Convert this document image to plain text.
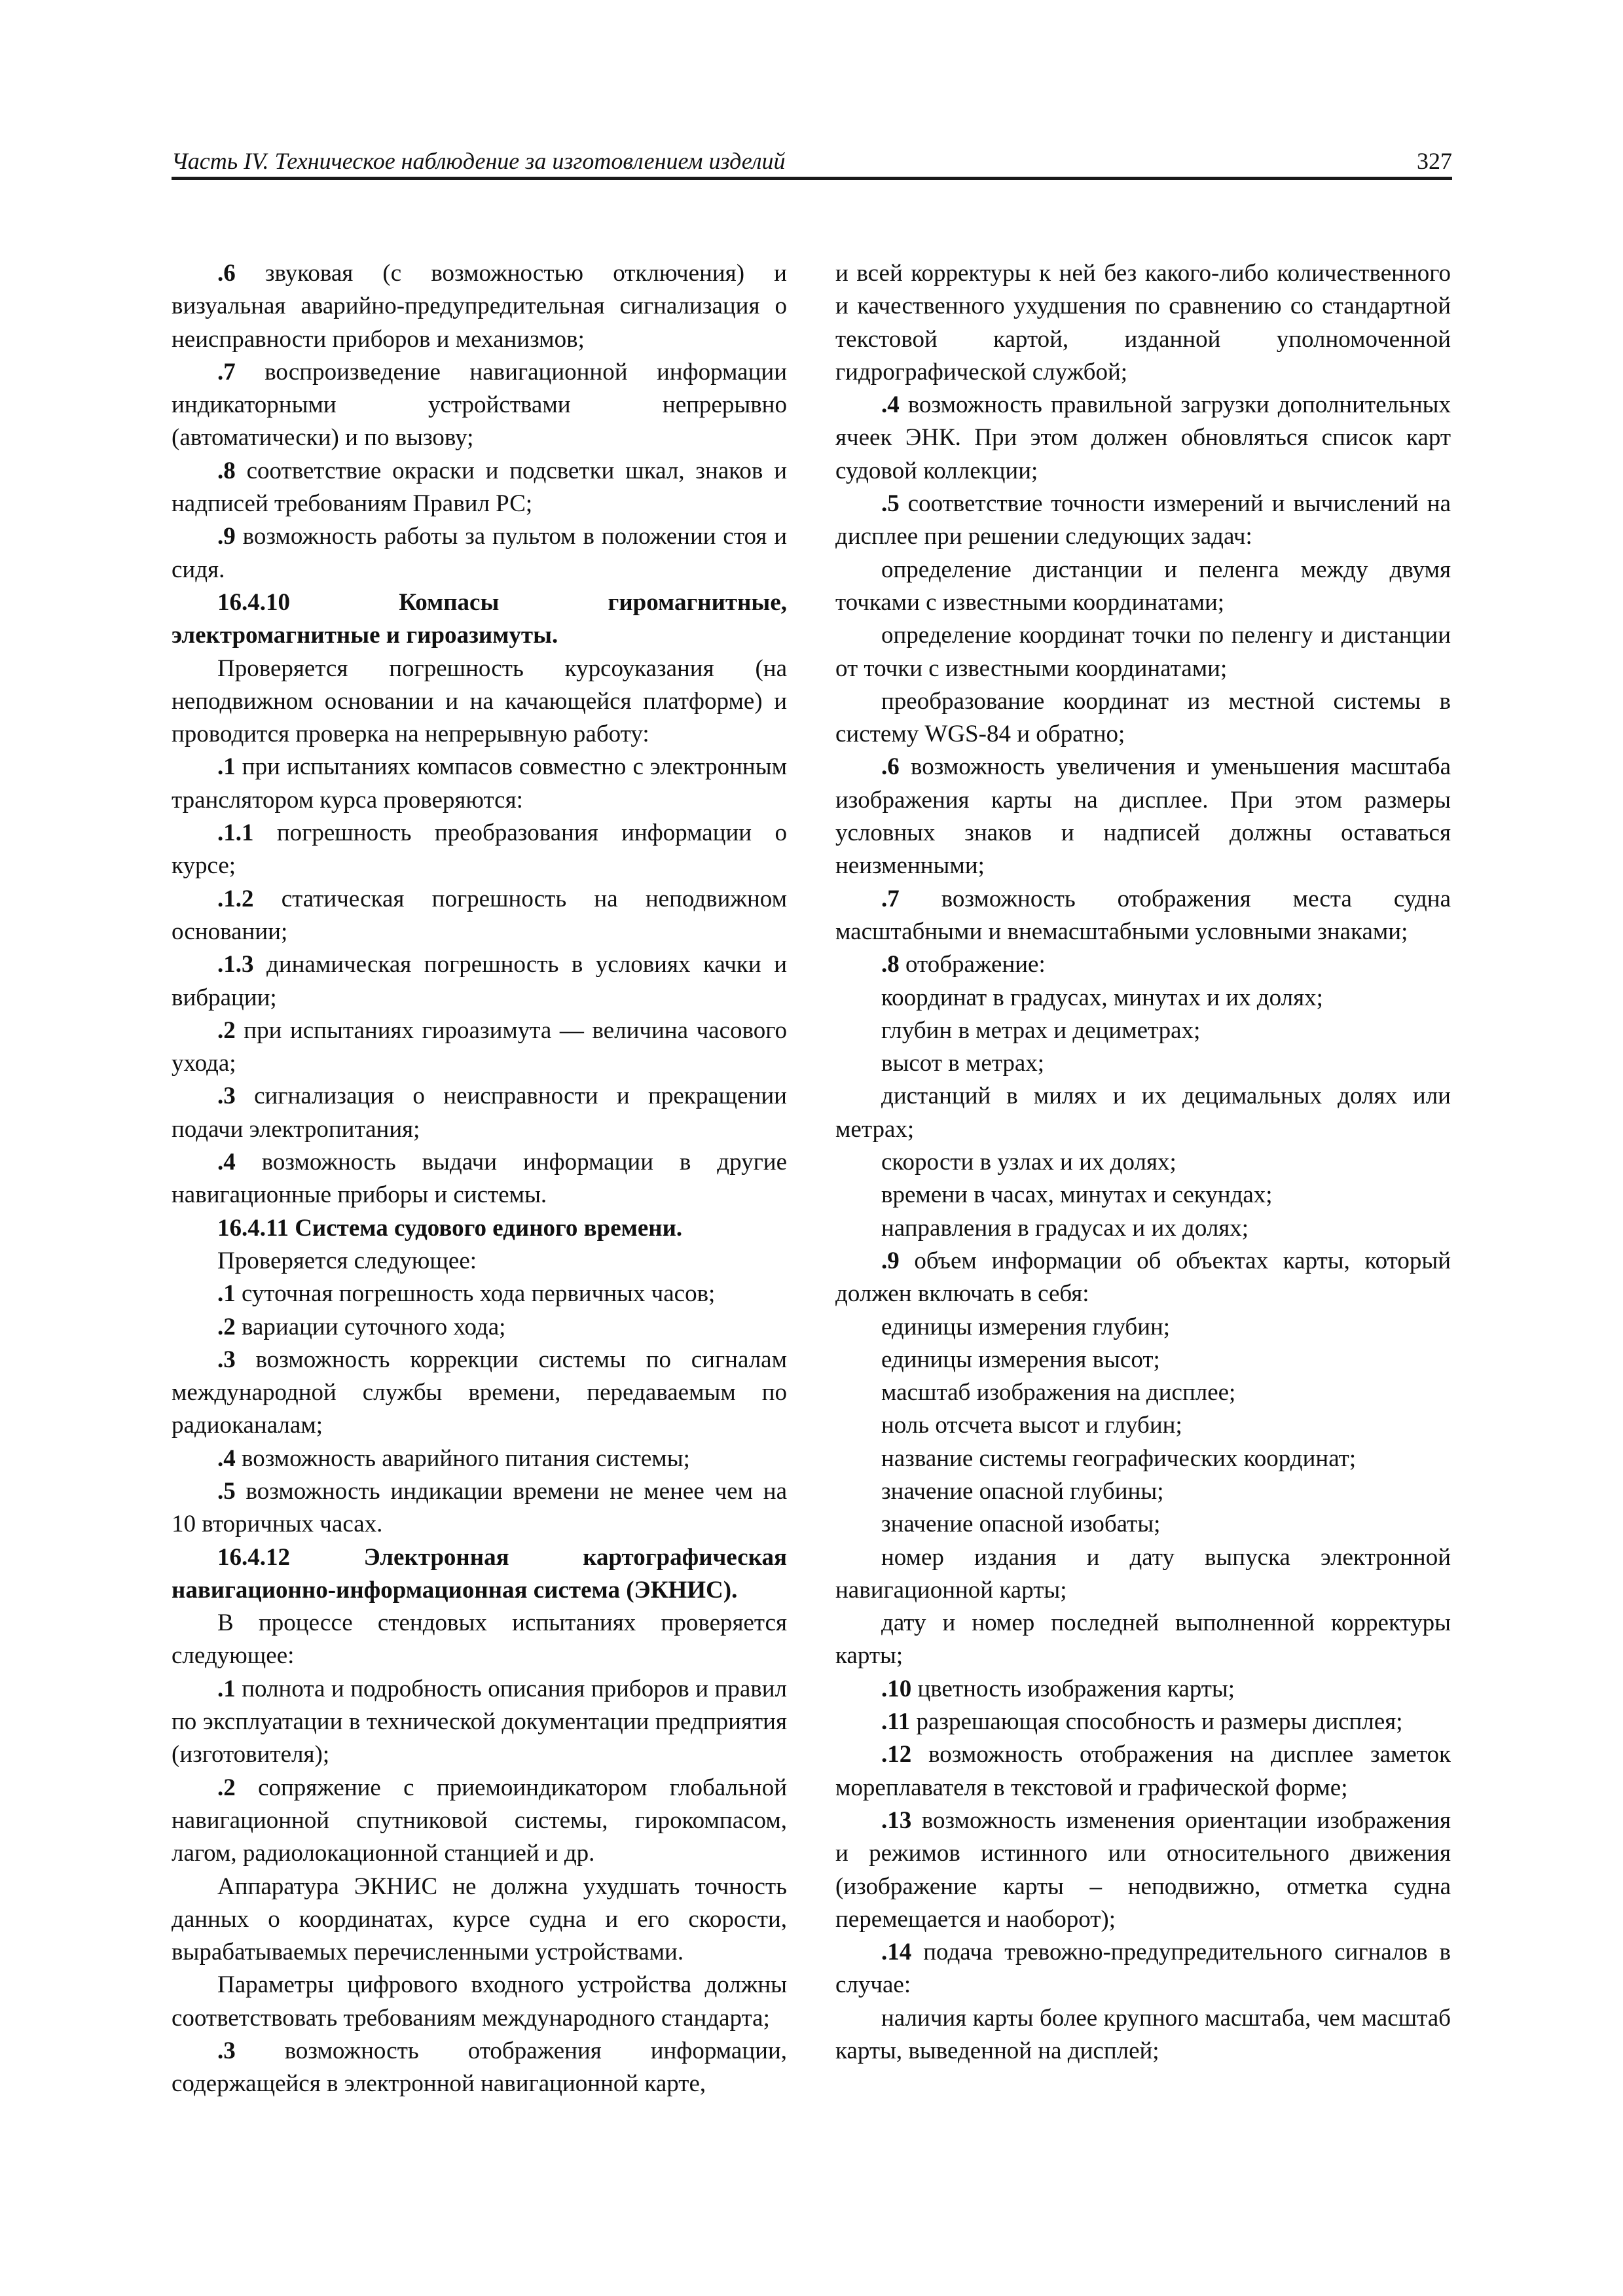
Часть IV. Техническое наблюдение за изготовлением изделий	327

.6 звуковая (с возможностью отключения) и визуальная аварийно-предупредительная сигнализация о неисправности приборов и механизмов;

.7 воспроизведение навигационной информации индикаторными устройствами непрерывно (автоматически) и по вызову;

.8 соответствие окраски и подсветки шкал, знаков и надписей требованиям Правил РС;

.9 возможность работы за пультом в положении стоя и сидя.

16.4.10 Компасы гиромагнитные, электромагнитные и гироазимуты.

Проверяется погрешность курсоуказания (на неподвижном основании и на качающейся платформе) и проводится проверка на непрерывную работу:

.1 при испытаниях компасов совместно с электронным транслятором курса проверяются:

.1.1 погрешность преобразования информации о курсе;

.1.2 статическая погрешность на неподвижном основании;

.1.3 динамическая погрешность в условиях качки и вибрации;

.2 при испытаниях гироазимута — величина часового ухода;

.3 сигнализация о неисправности и прекращении подачи электропитания;

.4 возможность выдачи информации в другие навигационные приборы и системы.

16.4.11 Система судового единого времени.

Проверяется следующее:

.1 суточная погрешность хода первичных часов;

.2 вариации суточного хода;

.3 возможность коррекции системы по сигналам международной службы времени, передаваемым по радиоканалам;

.4 возможность аварийного питания системы;

.5 возможность индикации времени не менее чем на 10 вторичных часах.

16.4.12 Электронная картографическая навигационно-информационная система (ЭКНИС).

В процессе стендовых испытаниях проверяется следующее:

.1 полнота и подробность описания приборов и правил по эксплуатации в технической документации предприятия (изготовителя);

.2 сопряжение с приемоиндикатором глобальной навигационной спутниковой системы, гирокомпасом, лагом, радиолокационной станцией и др.

Аппаратура ЭКНИС не должна ухудшать точность данных о координатах, курсе судна и его скорости, вырабатываемых перечисленными устройствами.

Параметры цифрового входного устройства должны соответствовать требованиям международного стандарта;

.3 возможность отображения информации, содержащейся в электронной навигационной карте,

и всей корректуры к ней без какого-либо количественного и качественного ухудшения по сравнению со стандартной текстовой картой, изданной уполномоченной гидрографической службой;

.4 возможность правильной загрузки дополнительных ячеек ЭНК. При этом должен обновляться список карт судовой коллекции;

.5 соответствие точности измерений и вычислений на дисплее при решении следующих задач:

определение дистанции и пеленга между двумя точками с известными координатами;

определение координат точки по пеленгу и дистанции от точки с известными координатами;

преобразование координат из местной системы в систему WGS-84 и обратно;

.6 возможность увеличения и уменьшения масштаба изображения карты на дисплее. При этом размеры условных знаков и надписей должны оставаться неизменными;

.7 возможность отображения места судна масштабными и внемасштабными условными знаками;

.8 отображение:

координат в градусах, минутах и их долях;

глубин в метрах и дециметрах;

высот в метрах;

дистанций в милях и их децимальных долях или метрах;

скорости в узлах и их долях;

времени в часах, минутах и секундах;

направления в градусах и их долях;

.9 объем информации об объектах карты, который должен включать в себя:

единицы измерения глубин;

единицы измерения высот;

масштаб изображения на дисплее;

ноль отсчета высот и глубин;

название системы географических координат;

значение опасной глубины;

значение опасной изобаты;

номер издания и дату выпуска электронной навигационной карты;

дату и номер последней выполненной корректуры карты;

.10 цветность изображения карты;

.11 разрешающая способность и размеры дисплея;

.12 возможность отображения на дисплее заметок мореплавателя в текстовой и графической форме;

.13 возможность изменения ориентации изображения и режимов истинного или относительного движения (изображение карты – неподвижно, отметка судна перемещается и наоборот);

.14 подача тревожно-предупредительного сигналов в случае:

наличия карты более крупного масштаба, чем масштаб карты, выведенной на дисплей;
